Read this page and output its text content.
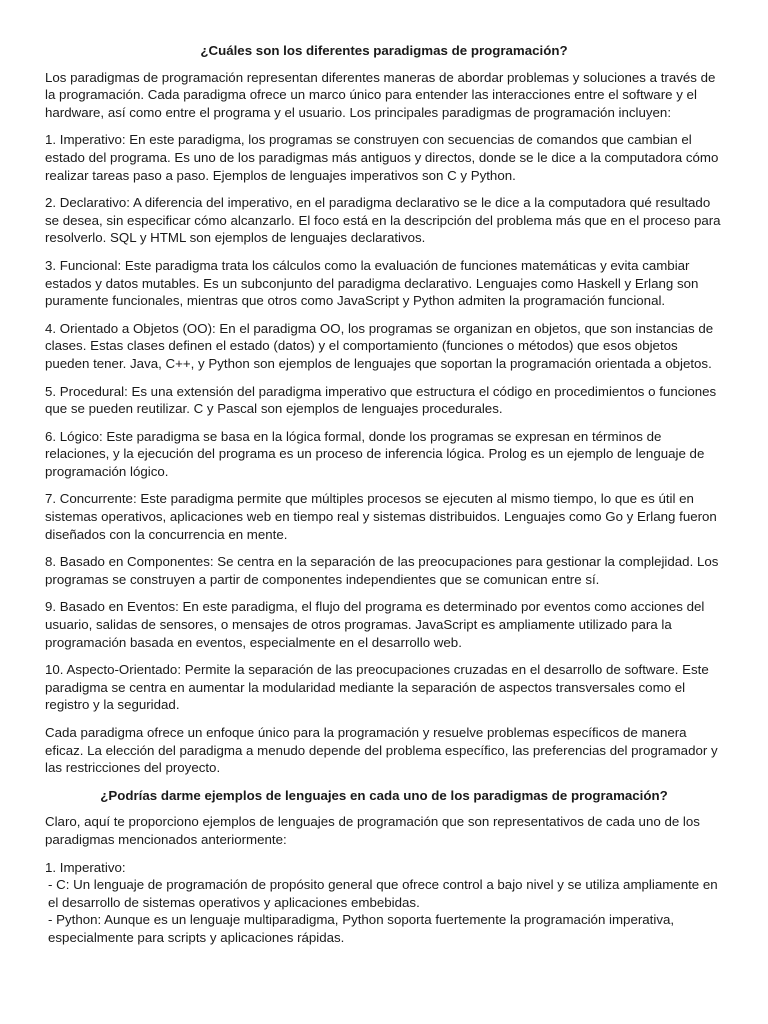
¿Cuáles son los diferentes paradigmas de programación?

Los paradigmas de programación representan diferentes maneras de abordar problemas y soluciones a través de la programación. Cada paradigma ofrece un marco único para entender las interacciones entre el software y el hardware, así como entre el programa y el usuario. Los principales paradigmas de programación incluyen:

1. Imperativo: En este paradigma, los programas se construyen con secuencias de comandos que cambian el estado del programa. Es uno de los paradigmas más antiguos y directos, donde se le dice a la computadora cómo realizar tareas paso a paso. Ejemplos de lenguajes imperativos son C y Python.

2. Declarativo: A diferencia del imperativo, en el paradigma declarativo se le dice a la computadora qué resultado se desea, sin especificar cómo alcanzarlo. El foco está en la descripción del problema más que en el proceso para resolverlo. SQL y HTML son ejemplos de lenguajes declarativos.

3. Funcional: Este paradigma trata los cálculos como la evaluación de funciones matemáticas y evita cambiar estados y datos mutables. Es un subconjunto del paradigma declarativo. Lenguajes como Haskell y Erlang son puramente funcionales, mientras que otros como JavaScript y Python admiten la programación funcional.

4. Orientado a Objetos (OO): En el paradigma OO, los programas se organizan en objetos, que son instancias de clases. Estas clases definen el estado (datos) y el comportamiento (funciones o métodos) que esos objetos pueden tener. Java, C++, y Python son ejemplos de lenguajes que soportan la programación orientada a objetos.

5. Procedural: Es una extensión del paradigma imperativo que estructura el código en procedimientos o funciones que se pueden reutilizar. C y Pascal son ejemplos de lenguajes procedurales.

6. Lógico: Este paradigma se basa en la lógica formal, donde los programas se expresan en términos de relaciones, y la ejecución del programa es un proceso de inferencia lógica. Prolog es un ejemplo de lenguaje de programación lógico.

7. Concurrente: Este paradigma permite que múltiples procesos se ejecuten al mismo tiempo, lo que es útil en sistemas operativos, aplicaciones web en tiempo real y sistemas distribuidos. Lenguajes como Go y Erlang fueron diseñados con la concurrencia en mente.

8. Basado en Componentes: Se centra en la separación de las preocupaciones para gestionar la complejidad. Los programas se construyen a partir de componentes independientes que se comunican entre sí.

9. Basado en Eventos: En este paradigma, el flujo del programa es determinado por eventos como acciones del usuario, salidas de sensores, o mensajes de otros programas. JavaScript es ampliamente utilizado para la programación basada en eventos, especialmente en el desarrollo web.

10. Aspecto-Orientado: Permite la separación de las preocupaciones cruzadas en el desarrollo de software. Este paradigma se centra en aumentar la modularidad mediante la separación de aspectos transversales como el registro y la seguridad.

Cada paradigma ofrece un enfoque único para la programación y resuelve problemas específicos de manera eficaz. La elección del paradigma a menudo depende del problema específico, las preferencias del programador y las restricciones del proyecto.

¿Podrías darme ejemplos de lenguajes en cada uno de los paradigmas de programación?

Claro, aquí te proporciono ejemplos de lenguajes de programación que son representativos de cada uno de los paradigmas mencionados anteriormente:

1. Imperativo:
- C: Un lenguaje de programación de propósito general que ofrece control a bajo nivel y se utiliza ampliamente en el desarrollo de sistemas operativos y aplicaciones embebidas.
- Python: Aunque es un lenguaje multiparadigma, Python soporta fuertemente la programación imperativa, especialmente para scripts y aplicaciones rápidas.
